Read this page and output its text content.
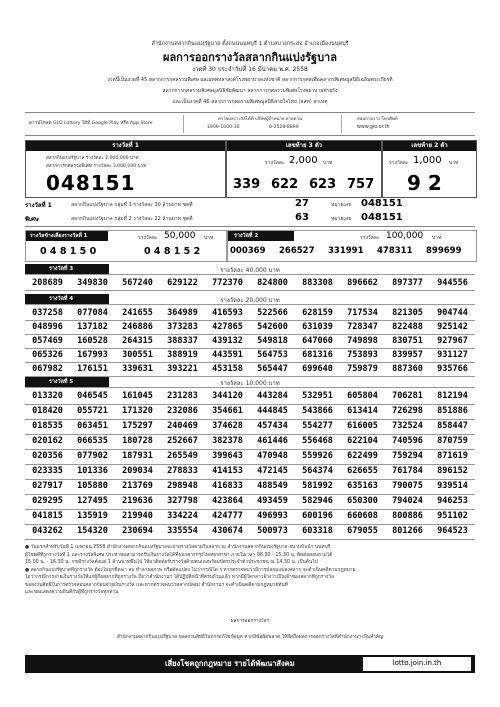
สำนักงานสลากกินแบ่งรัฐบาล ตั้งถนนนนทบุรี 1 ตำบลบางกระสอ อำเภอเมืองนนทบุรี
ผลการออกรางวัลสลากกินแบ่งรัฐบาล
งวดที่ 30 ประจำวันที่ 16 มีนาคม พ.ศ. 2558
งวดนี้เป็นงวดที่ 45 สลากการกุศลรวมพิเศษ ผลเมทพหลาสงค์โรงพยาบาลแห่งชาติ สลากการกุศลเพื่อคุลากรพิเศษมูลนิธิเฉลิมพระเกียรติ
สลากการกุศลรวมพิเศษมูลนิธิชัยพัฒนา สลากการกุศลรวมพิเศษโรงพยาบาลค่ายรัง
และเป็นงวดที่ 46 สลากการกุศลรวมพิเศษมูลนิธิสายใจไทย (สสท) สาเหตุ
ดาวน์โหลด GLO Lottery ได้ที่ Google Play หรือ App Store
ตรวจผลรางวัลได้ที่ บริษัทผู้จำหน่าย สายด่วน
1909-1000-10	0-2528-8899
สอบถามราง โทรศัพท์
www.glo.or.th
รางวัลที่ 1
สลากกินแบ่งรัฐบาล รางวัลละ 2,000,000 บาท
สลากการกุศลรวมพิเศษ รางวัลละ 3,000,000 บาท
048151
เลขท้าย 3 ตัว
รางวัลละ 2,000 บาท
339 622 623 757
เลขท้าย 2 ตัว
รางวัลละ 1,000 บาท
9 2
รางวัลที่ 1	สลากกินแบ่งรัฐบาล กลุ่มที่ 1 รางวัลละ 30 ล้านบาท ชุดที่	27	หมายเลข 048151
พิเศษ	สลากกินแบ่งรัฐบาล กลุ่มที่ 2 รางวัลละ 22 ล้านบาท ชุดที่	63	หมายเลข 048151
รางวัลข้างเคียงรางวัลที่ 1	รางวัลละ 50,000 บาท
0 4 8 1 5 0	0 4 8 1 5 2
รางวัลที่ 2	รางวัลละ 100,000 บาท
000369 266527 331991 478311 899699
รางวัลที่ 3	รางวัลละ 40,000 บาท
208689	349830	567240	629122	772370	824800	883308	896662	897377	944556
รางวัลที่ 4	รางวัลละ 20,000 บาท
037258	077084	241655	364989	416593	522566	628159	717534	821305	904744
048996	137182	246886	373283	427865	542600	631039	728347	822488	925142
057469	160528	264315	388337	439132	549818	647060	749898	830751	927967
065326	167993	300551	388919	443591	564753	681316	753893	839957	931127
067982	176151	339631	393221	453158	565447	699640	759879	887360	935766
รางวัลที่ 5	รางวัลละ 10,000 บาท
013320	046545	161045	231283	344120	443284	532951	605804	706281	812194
018420	055721	171320	232086	354661	444845	543866	613414	726298	851886
018535	063451	175297	240469	374628	457434	554277	616005	732524	858447
020162	066535	180728	252667	382378	461446	556468	622104	740596	870759
020356	077902	187931	265549	399643	470948	559926	622499	759294	871619
023335	101336	209034	278833	414153	472145	564374	626655	761784	896152
027917	105880	213769	298948	416833	488549	581992	635163	790075	939514
029295	127495	219636	327798	423864	493459	582946	650300	794024	946253
041815	135919	219940	334224	424777	496993	600196	660608	800886	951102
043262	154320	230694	335554	430674	500973	603318	679055	801266	964523
● วันแรกสำหรับวันที่ 1 เมษายน 2558 สำนักงานสลากกินแบ่งรัฐบาลจะจ่ายรางวัลตามใบสลาก ณ สำนักงานสลากกินแบ่งรัฐบาล สนามบินน้ำ นนทบุรี
ผู้โชคดีที่ถูกรางวัลที่ 1 และรางวัลพิเศษ ประชาชนสามารถรับเงินรางวัลได้ที่ธนาคารกรุงไทยทุกสาขา ภายในเวลา 08.30 - 15.30 น. ติดต่อสอบถามได้
15.00 น. - 16.30 น. กรณีรางวัลตั้งแต่ 1 ล้านบาทขึ้นไป ให้มาติดต่อรับรางวัลด้วยตนเองพร้อมบัตรประจำตัวประชาชน ณ 14.30 น. เป็นต้นไป
● สลากกินแบ่งรัฐบาลที่ถูกรางวัล ต้องไม่ถูกขีดฆ่า ลบ ทำลายสภาพ หรือดัดแปลง ไม่ว่ากรณีใด ๆ หากตรวจพบว่ามีการปลอมแปลงสลาก จะดำเนินคดีตามกฎหมาย
ไม่ว่ากรณีการจ่ายเงินรางวัลให้แก่ผู้ถือสลากที่ถูกรางวัล ถือว่าสำนักงานฯ ได้ปฏิบัติหน้าที่ครบถ้วนแล้ว หากมีผู้ใดกล่าวอ้างว่าเป็นเจ้าของสลากที่ถูกรางวัล
ขอสงวนสิทธิ์ในการตรวจสอบสลากก่อนจ่ายเงินรางวัล และหากตรวจพบว่าสลากปลอม สำนักงานฯ จะดำเนินคดีตามกฎหมายทันที
และขอแสดงความยินดีกับผู้ที่ถูกรางวัลทุกท่าน
ผลการออกรางวัลฯ
สำนักงานสลากกินแบ่งรัฐบาล ขอสงวนสิทธิ์ในการแก้ไขข้อมูล หากมีข้อผิดพลาด ให้ยึดถือผลการออกรางวัลที่สำนักงานฯ เป็นสำคัญ
เสี่ยงโชคถูกกฎหมาย รายได้พัฒนาสังคม	lotto.join.in.th
